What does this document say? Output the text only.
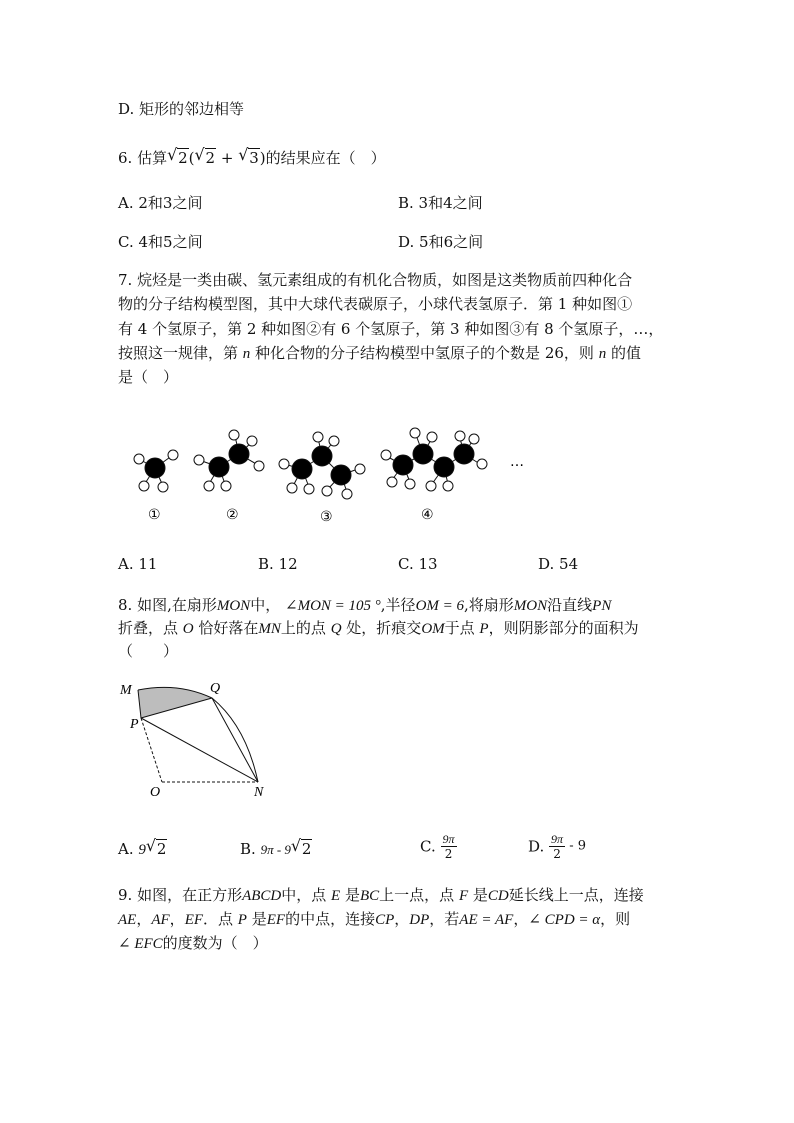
D. 矩形的邻边相等
6. 估算 √ 2( √ 2 + √ 3)的结果应在（　）
A. 2和3之间	B. 3和4之间
C. 4和5之间	D. 5和6之间
7. 烷烃是一类由碳、氢元素组成的有机化合物质，如图是这类物质前四种化合
物的分子结构模型图，其中大球代表碳原子，小球代表氢原子．第 1 种如图①
有 4 个氢原子，第 2 种如图②有 6 个氢原子，第 3 种如图③有 8 个氢原子，…，
按照这一规律，第 n 种化合物的分子结构模型中氢原子的个数是 26，则 n 的值
是（　）
①	②	③	④
…
A. 11	B. 12	C. 13	D. 54
8. 如图,在扇形MON中， ∠MON = 105 °,半径OM = 6,将扇形MON沿直线PN
折叠，点 O 恰好落在MN上的点 Q 处，折痕交OM于点 P，则阴影部分的面积为
（　　）
M	Q
P
O	N
A. 9 √ 2	B. 9π - 9 √ 2	C. $\frac{9\pi}{2}$	D. $\frac{9\pi}{2} - 9$
9. 如图，在正方形ABCD中，点 E 是BC上一点，点 F 是CD延长线上一点，连接
AE，AF，EF．点 P 是EF的中点，连接CP，DP，若AE = AF，∠ CPD = α，则
∠ EFC的度数为（　）
